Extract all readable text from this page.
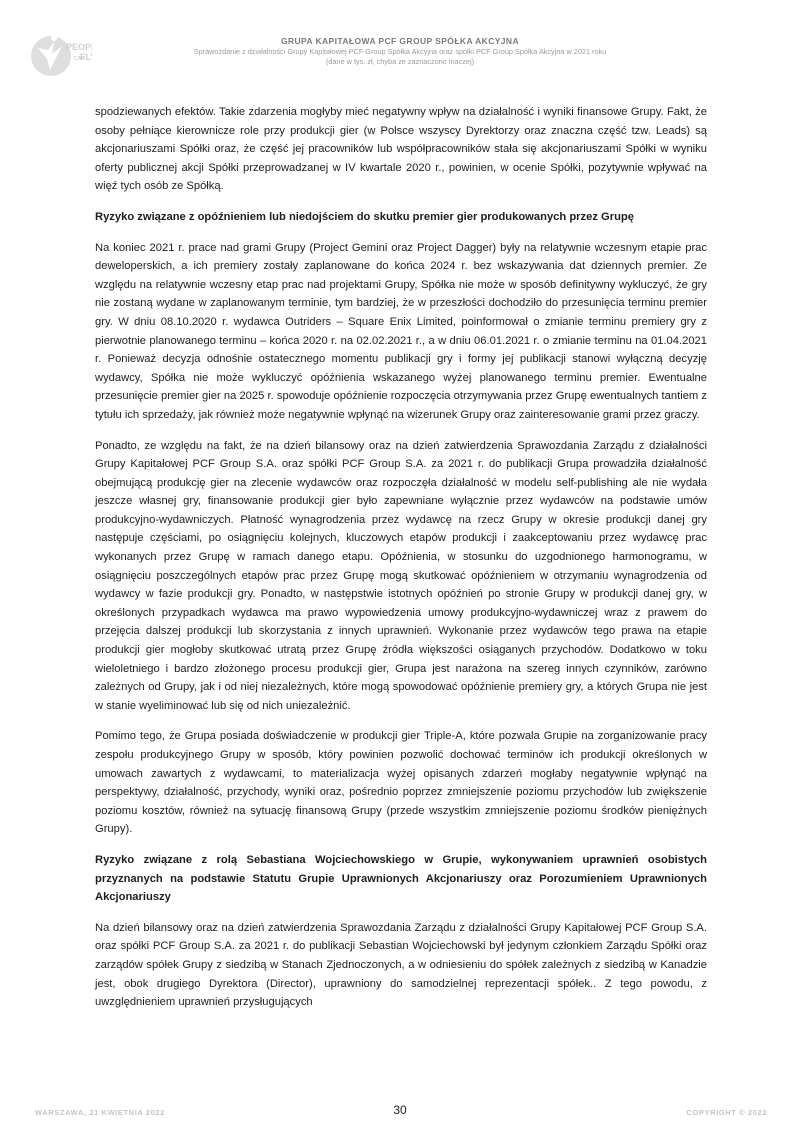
PEOP
CAN
FL
GRUPA KAPITAŁOWA PCF GROUP SPÓŁKA AKCYJNA
Sprawozdanie z działalności Grupy Kapitałowej PCF Group Spółka Akcyjna oraz spółki PCF Group Spółka Akcyjna w 2021 roku
(dane w tys. zł, chyba że zaznaczono inaczej)

spodziewanych efektów. Takie zdarzenia mogłyby mieć negatywny wpływ na działalność i wyniki finansowe Grupy. Fakt, że osoby pełniące kierownicze role przy produkcji gier (w Polsce wszyscy Dyrektorzy oraz znaczna część tzw. Leads) są akcjonariuszami Spółki oraz, że część jej pracowników lub współpracowników stała się akcjonariuszami Spółki w wyniku oferty publicznej akcji Spółki przeprowadzanej w IV kwartale 2020 r., powinien, w ocenie Spółki, pozytywnie wpływać na więź tych osób ze Spółką.

Ryzyko związane z opóźnieniem lub niedojściem do skutku premier gier produkowanych przez Grupę

Na koniec 2021 r. prace nad grami Grupy (Project Gemini oraz Project Dagger) były na relatywnie wczesnym etapie prac deweloperskich, a ich premiery zostały zaplanowane do końca 2024 r. bez wskazywania dat dziennych premier. Ze względu na relatywnie wczesny etap prac nad projektami Grupy, Spółka nie może w sposób definitywny wykluczyć, że gry nie zostaną wydane w zaplanowanym terminie, tym bardziej, że w przeszłości dochodziło do przesunięcia terminu premier gry. W dniu 08.10.2020 r. wydawca Outriders – Square Enix Limited, poinformował o zmianie terminu premiery gry z pierwotnie planowanego terminu – końca 2020 r. na 02.02.2021 r., a w dniu 06.01.2021 r. o zmianie terminu na 01.04.2021 r. Ponieważ decyzja odnośnie ostatecznego momentu publikacji gry i formy jej publikacji stanowi wyłączną decyzję wydawcy, Spółka nie może wykluczyć opóźnienia wskazanego wyżej planowanego terminu premier. Ewentualne przesunięcie premier gier na 2025 r. spowoduje opóźnienie rozpoczęcia otrzymywania przez Grupę ewentualnych tantiem z tytułu ich sprzedaży, jak również może negatywnie wpłynąć na wizerunek Grupy oraz zainteresowanie grami przez graczy.

Ponadto, ze względu na fakt, że na dzień bilansowy oraz na dzień zatwierdzenia Sprawozdania Zarządu z działalności Grupy Kapitałowej PCF Group S.A. oraz spółki PCF Group S.A. za 2021 r. do publikacji Grupa prowadziła działalność obejmującą produkcję gier na zlecenie wydawców oraz rozpoczęła działalność w modelu self-publishing ale nie wydała jeszcze własnej gry, finansowanie produkcji gier było zapewniane wyłącznie przez wydawców na podstawie umów produkcyjno-wydawniczych. Płatność wynagrodzenia przez wydawcę na rzecz Grupy w okresie produkcji danej gry następuje częściami, po osiągnięciu kolejnych, kluczowych etapów produkcji i zaakceptowaniu przez wydawcę prac wykonanych przez Grupę w ramach danego etapu. Opóźnienia, w stosunku do uzgodnionego harmonogramu, w osiągnięciu poszczególnych etapów prac przez Grupę mogą skutkować opóźnieniem w otrzymaniu wynagrodzenia od wydawcy w fazie produkcji gry. Ponadto, w następstwie istotnych opóźnień po stronie Grupy w produkcji danej gry, w określonych przypadkach wydawca ma prawo wypowiedzenia umowy produkcyjno-wydawniczej wraz z prawem do przejęcia dalszej produkcji lub skorzystania z innych uprawnień. Wykonanie przez wydawców tego prawa na etapie produkcji gier mogłoby skutkować utratą przez Grupę źródła większości osiąganych przychodów. Dodatkowo w toku wieloletniego i bardzo złożonego procesu produkcji gier, Grupa jest narażona na szereg innych czynników, zarówno zależnych od Grupy, jak i od niej niezależnych, które mogą spowodować opóźnienie premiery gry, a których Grupa nie jest w stanie wyeliminować lub się od nich uniezależnić.

Pomimo tego, że Grupa posiada doświadczenie w produkcji gier Triple-A, które pozwala Grupie na zorganizowanie pracy zespołu produkcyjnego Grupy w sposób, który powinien pozwolić dochować terminów ich produkcji określonych w umowach zawartych z wydawcami, to materializacja wyżej opisanych zdarzeń mogłaby negatywnie wpłynąć na perspektywy, działalność, przychody, wyniki oraz, pośrednio poprzez zmniejszenie poziomu przychodów lub zwiększenie poziomu kosztów, również na sytuację finansową Grupy (przede wszystkim zmniejszenie poziomu środków pieniężnych Grupy).

Ryzyko związane z rolą Sebastiana Wojciechowskiego w Grupie, wykonywaniem uprawnień osobistych przyznanych na podstawie Statutu Grupie Uprawnionych Akcjonariuszy oraz Porozumieniem Uprawnionych Akcjonariuszy

Na dzień bilansowy oraz na dzień zatwierdzenia Sprawozdania Zarządu z działalności Grupy Kapitałowej PCF Group S.A. oraz spółki PCF Group S.A. za 2021 r. do publikacji Sebastian Wojciechowski był jedynym członkiem Zarządu Spółki oraz zarządów spółek Grupy z siedzibą w Stanach Zjednoczonych, a w odniesieniu do spółek zależnych z siedzibą w Kanadzie jest, obok drugiego Dyrektora (Director), uprawniony do samodzielnej reprezentacji spółek.. Z tego powodu, z uwzględnieniem uprawnień przysługujących

WARSZAWA, 21 KWIETNIA 2022	30	COPYRIGHT © 2022
